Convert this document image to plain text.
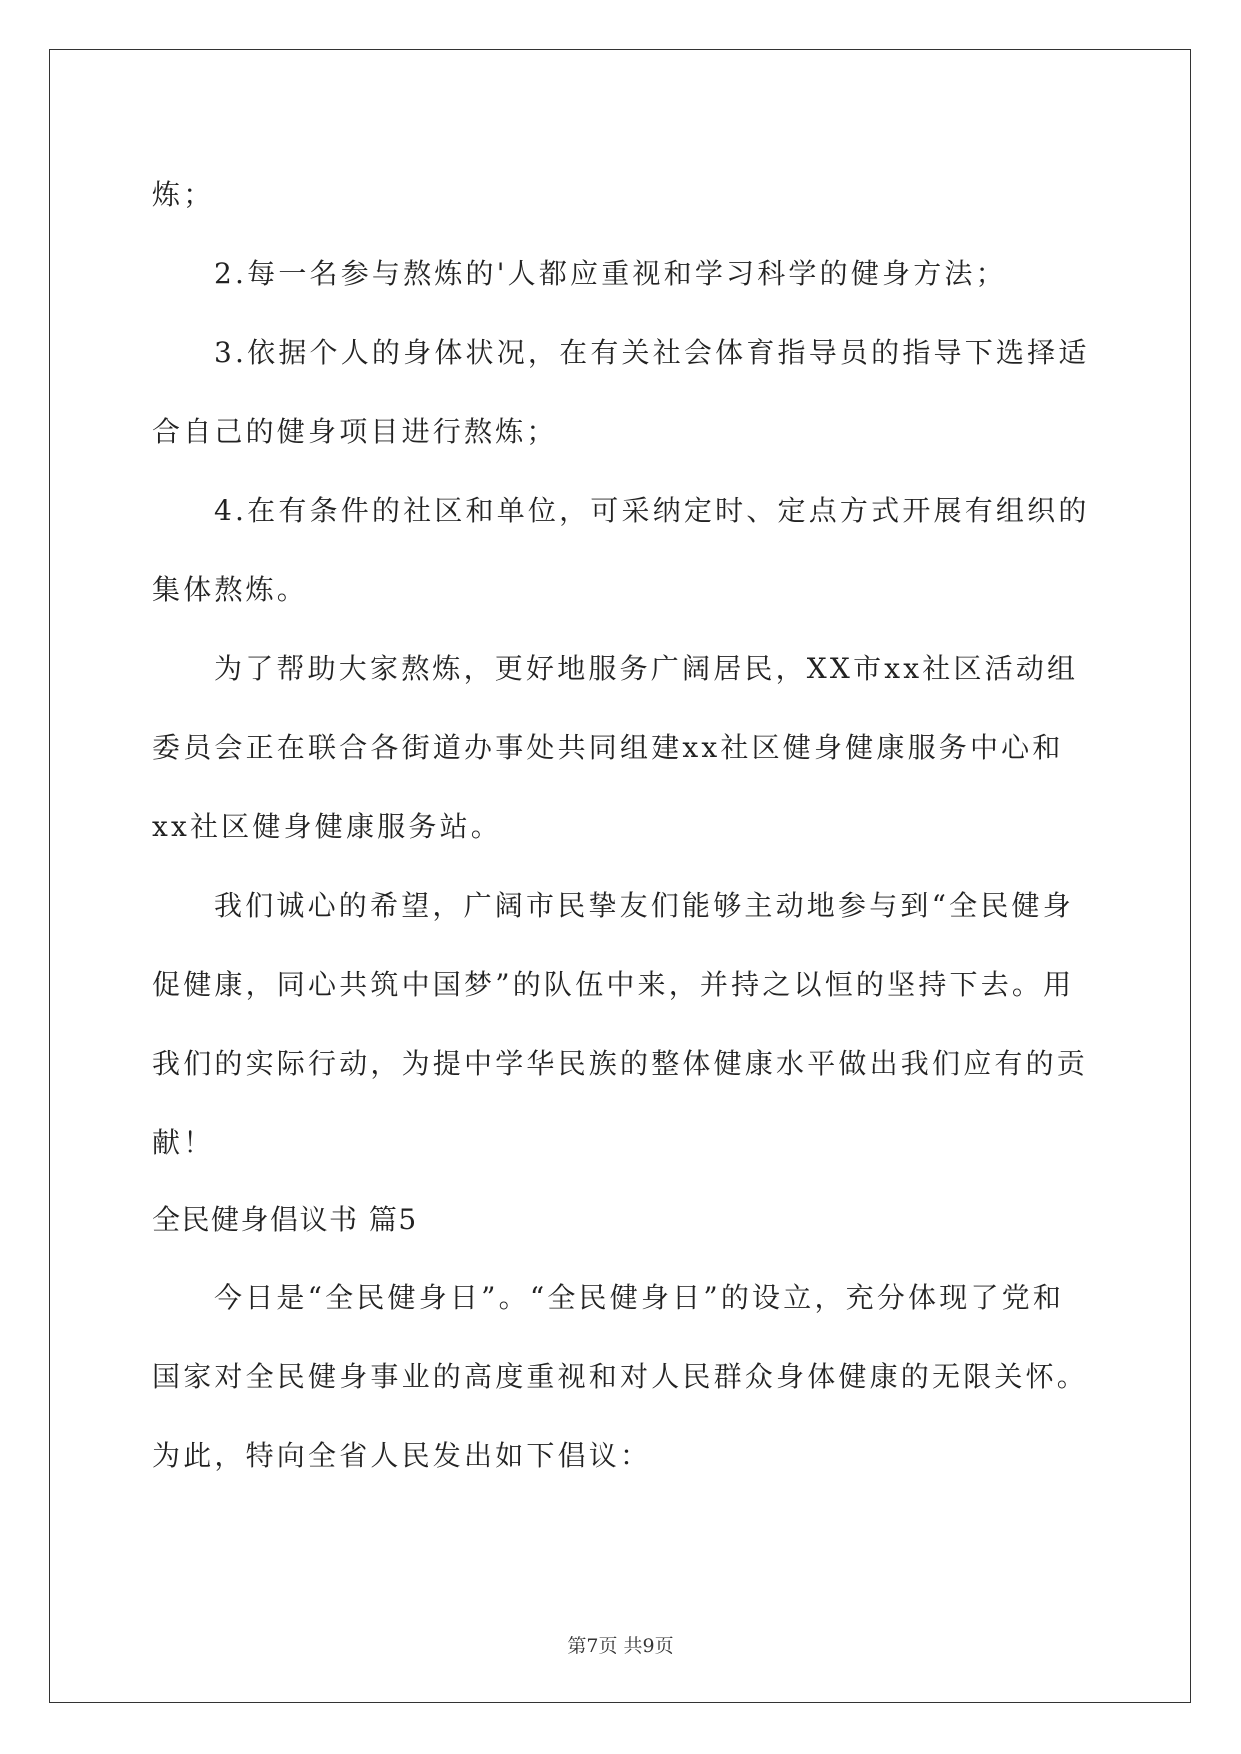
炼；
2.每一名参与熬炼的'人都应重视和学习科学的健身方法；
3.依据个人的身体状况，在有关社会体育指导员的指导下选择适
合自己的健身项目进行熬炼；
4.在有条件的社区和单位，可采纳定时、定点方式开展有组织的
集体熬炼。
为了帮助大家熬炼，更好地服务广阔居民，XX市xx社区活动组
委员会正在联合各街道办事处共同组建xx社区健身健康服务中心和
xx社区健身健康服务站。
我们诚心的希望，广阔市民挚友们能够主动地参与到“全民健身
促健康，同心共筑中国梦”的队伍中来，并持之以恒的坚持下去。用
我们的实际行动，为提中学华民族的整体健康水平做出我们应有的贡
献！
全民健身倡议书 篇5
今日是“全民健身日”。“全民健身日”的设立，充分体现了党和
国家对全民健身事业的高度重视和对人民群众身体健康的无限关怀。
为此，特向全省人民发出如下倡议：
第7页 共9页
